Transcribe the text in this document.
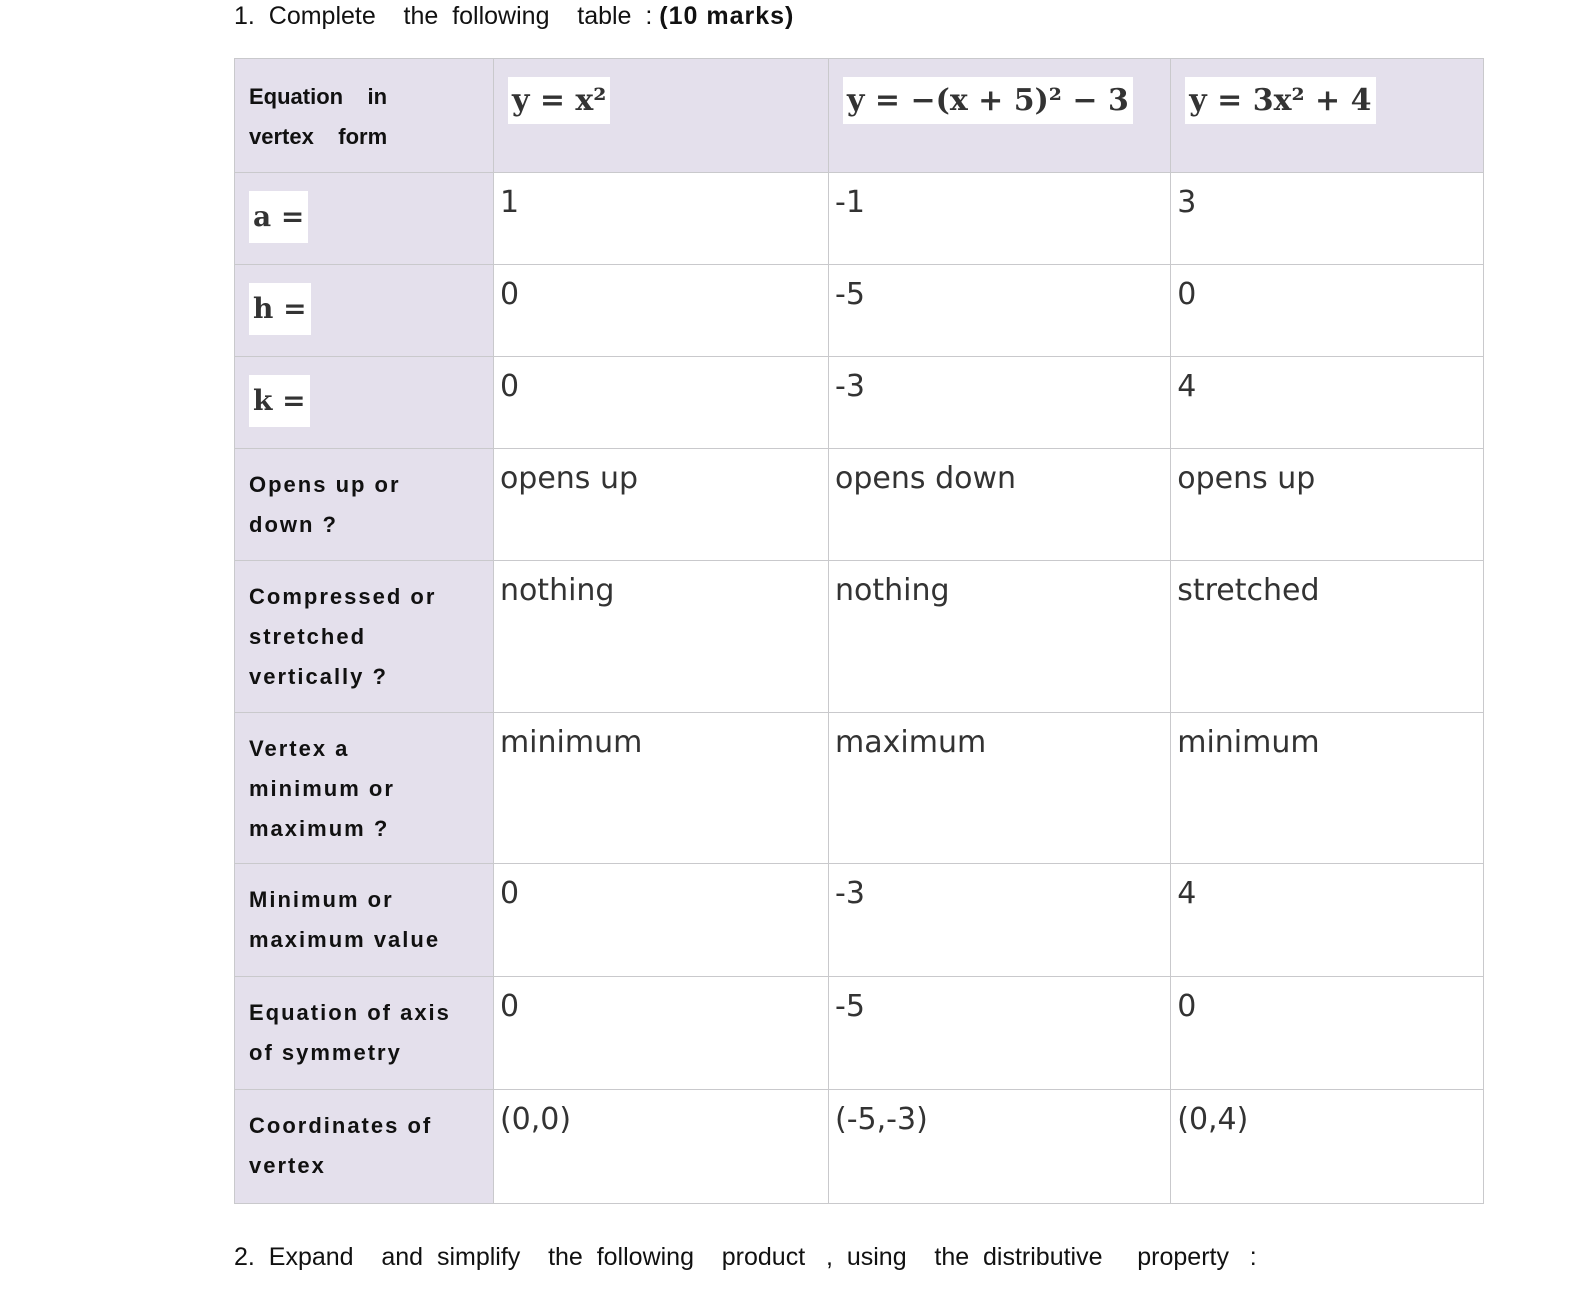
1. Complete    the  following    table  : (10 marks)
Equation    in
vertex    form	y = x²	y = −(x + 5)² − 3	y = 3x² + 4
a =	1	-1	3
h =	0	-5	0
k =	0	-3	4
Opens up or down ?	opens up	opens down	opens up
Compressed or stretched vertically ?	nothing	nothing	stretched
Vertex a minimum or maximum ?	minimum	maximum	minimum
Minimum or maximum value	0	-3	4
Equation of axis of symmetry	0	-5	0
Coordinates of vertex	(0,0)	(-5,-3)	(0,4)
2. Expand    and  simplify    the  following    product   ,  using    the  distributive     property   :
